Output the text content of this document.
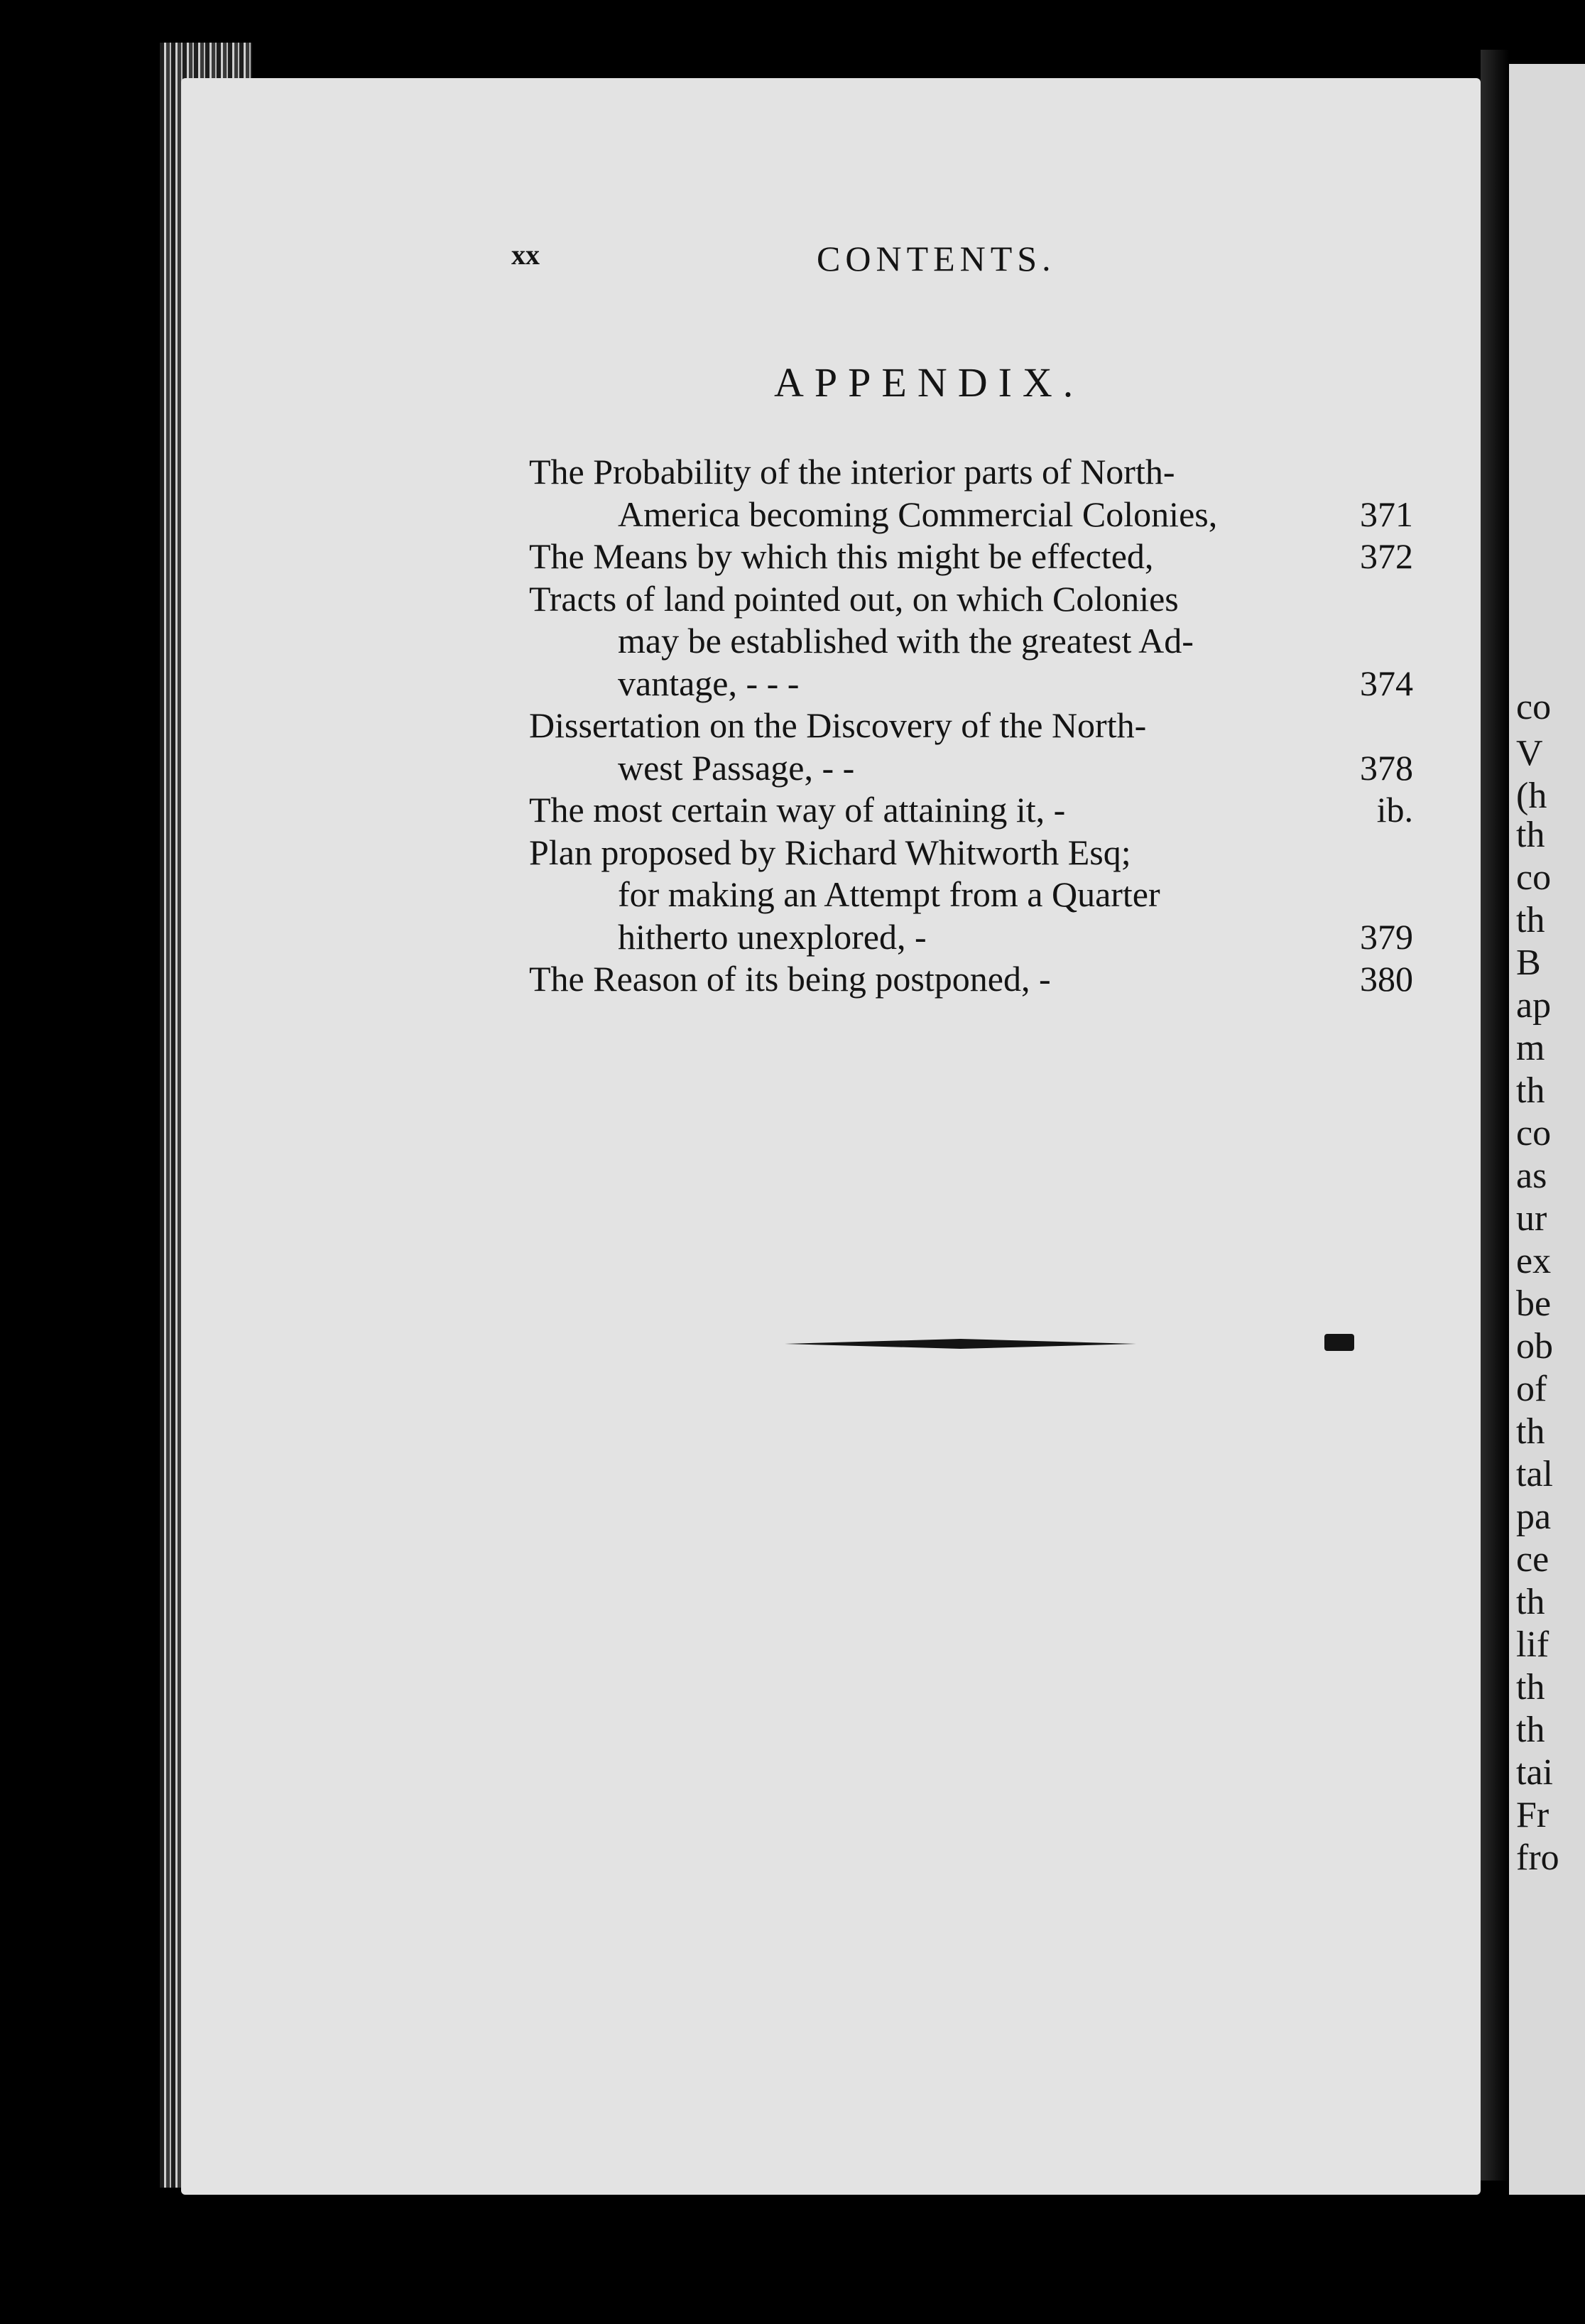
co
V
(h
th
co
th
B
ap
m
th
co
as
ur
ex
be
ob
of
th
tal
pa
ce
th
lif
th
th
tai
Fr
fro
xx	CONTENTS.
APPENDIX.
The Probability of the interior parts of North-
America becoming Commercial Colonies,	371
The Means by which this might be effected,	372
Tracts of land pointed out, on which Colonies
may be established with the greatest Ad-
vantage, - - -	374
Dissertation on the Discovery of the North-
west Passage, - -	378
The most certain way of attaining it, -	ib.
Plan proposed by Richard Whitworth Esq;
for making an Attempt from a Quarter
hitherto unexplored, -	379
The Reason of its being postponed, -	380
